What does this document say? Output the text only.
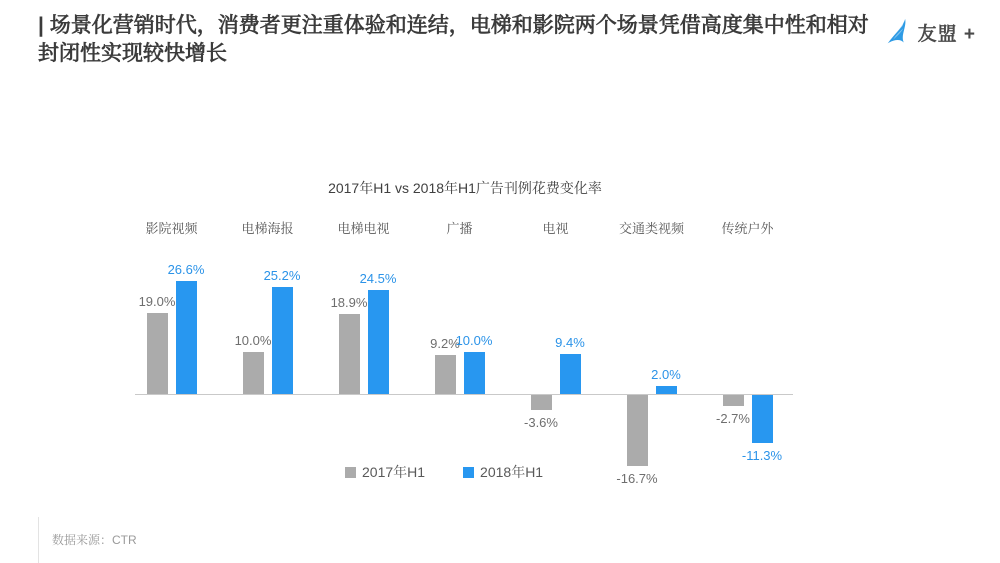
| 场景化营销时代，消费者更注重体验和连结，电梯和影院两个场景凭借高度集中性和相对封闭性实现较快增长
友盟 +
2017年H1 vs 2018年H1广告刊例花费变化率
影院视频
19.0%
26.6%
电梯海报
10.0%
25.2%
电梯电视
18.9%
24.5%
广播
9.2%
10.0%
电视
-3.6%
9.4%
交通类视频
-16.7%
2.0%
传统户外
-2.7%
-11.3%
2017年H1	2018年H1
数据来源：CTR
